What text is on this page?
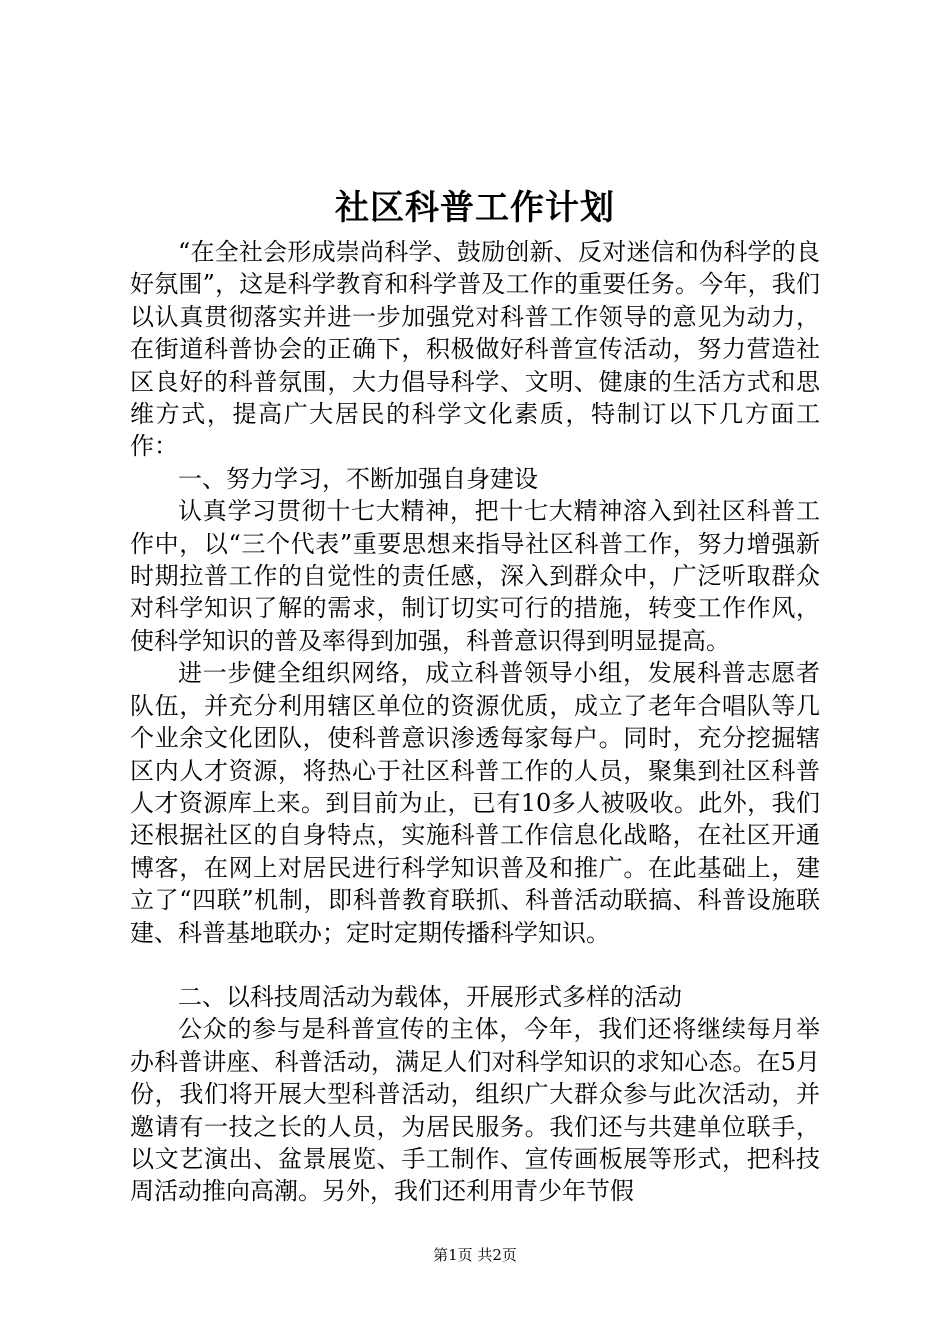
社区科普工作计划

“在全社会形成崇尚科学、鼓励创新、反对迷信和伪科学的良好氛围”，这是科学教育和科学普及工作的重要任务。今年，我们以认真贯彻落实并进一步加强党对科普工作领导的意见为动力，在街道科普协会的正确下，积极做好科普宣传活动，努力营造社区良好的科普氛围，大力倡导科学、文明、健康的生活方式和思维方式，提高广大居民的科学文化素质，特制订以下几方面工作：

一、努力学习，不断加强自身建设

认真学习贯彻十七大精神，把十七大精神溶入到社区科普工作中，以“三个代表”重要思想来指导社区科普工作，努力增强新时期拉普工作的自觉性的责任感，深入到群众中，广泛听取群众对科学知识了解的需求，制订切实可行的措施，转变工作作风，使科学知识的普及率得到加强，科普意识得到明显提高。

进一步健全组织网络，成立科普领导小组，发展科普志愿者队伍，并充分利用辖区单位的资源优质，成立了老年合唱队等几个业余文化团队，使科普意识渗透每家每户。同时，充分挖掘辖区内人才资源，将热心于社区科普工作的人员，聚集到社区科普人才资源库上来。到目前为止，已有10多人被吸收。此外，我们还根据社区的自身特点，实施科普工作信息化战略，在社区开通博客，在网上对居民进行科学知识普及和推广。在此基础上，建立了“四联”机制，即科普教育联抓、科普活动联搞、科普设施联建、科普基地联办；定时定期传播科学知识。

二、以科技周活动为载体，开展形式多样的活动

公众的参与是科普宣传的主体，今年，我们还将继续每月举办科普讲座、科普活动，满足人们对科学知识的求知心态。在5月份，我们将开展大型科普活动，组织广大群众参与此次活动，并邀请有一技之长的人员，为居民服务。我们还与共建单位联手，以文艺演出、盆景展览、手工制作、宣传画板展等形式，把科技周活动推向高潮。另外，我们还利用青少年节假

第1页 共2页
